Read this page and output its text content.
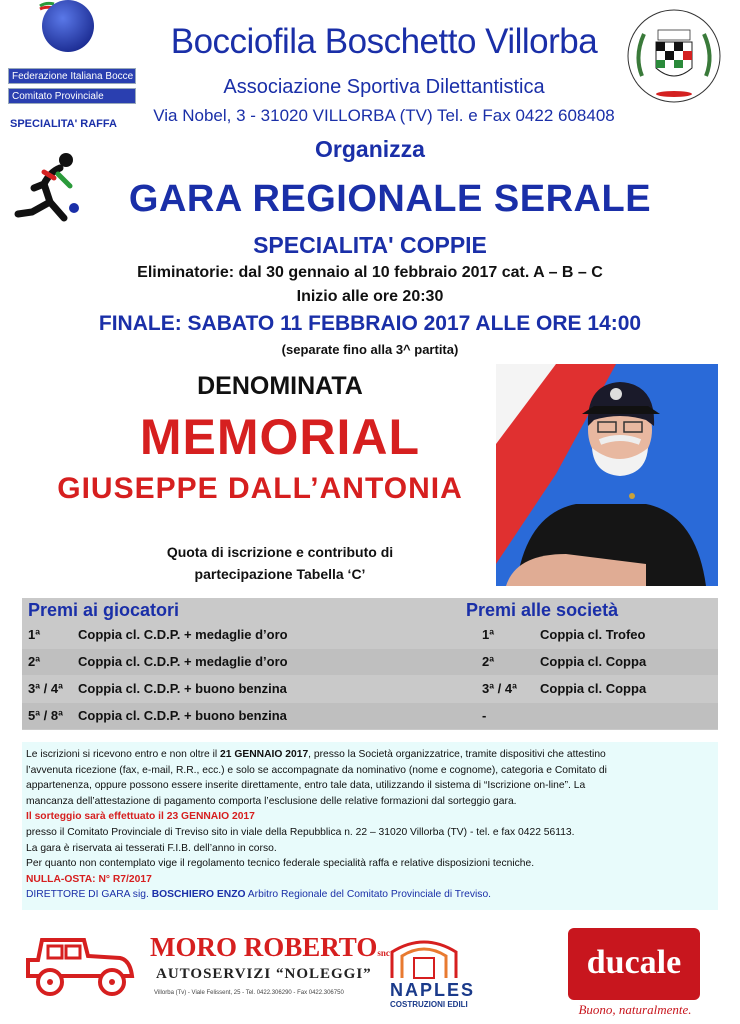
Federazione Italiana Bocce
Comitato Provinciale Treviso
SPECIALITA' RAFFA
Bocciofila Boschetto Villorba
Associazione Sportiva Dilettantistica
Via Nobel, 3 - 31020 VILLORBA (TV) Tel. e Fax 0422 608408
Organizza
GARA REGIONALE SERALE
SPECIALITA' COPPIE
Eliminatorie: dal 30 gennaio al 10 febbraio 2017 cat. A – B – C
Inizio alle ore 20:30
FINALE: SABATO 11 FEBBRAIO 2017 ALLE ORE 14:00
(separate fino alla 3^ partita)
DENOMINATA
MEMORIAL
GIUSEPPE DALL’ANTONIA
Quota di iscrizione e contributo di
partecipazione Tabella ‘C’
Premi ai giocatori	Premi alle società
1ª	Coppia cl. C.D.P. + medaglie d’oro	1ª	Coppia cl. Trofeo
2ª	Coppia cl. C.D.P. + medaglie d’oro	2ª	Coppia cl. Coppa
3ª / 4ª Coppia cl. C.D.P. + buono benzina	3ª / 4ª Coppia cl. Coppa
5ª / 8ª Coppia cl. C.D.P. + buono benzina	-

Le iscrizioni si ricevono entro e non oltre il 21 GENNAIO 2017, presso la Società organizzatrice, tramite dispositivi che attestino

l’avvenuta ricezione (fax, e-mail, R.R., ecc.) e solo se accompagnate da nominativo (nome e cognome), categoria e Comitato di

appartenenza, oppure possono essere inserite direttamente, entro tale data, utilizzando il sistema di “Iscrizione on-line”. La

mancanza dell’attestazione di pagamento comporta l’esclusione delle relative formazioni dal sorteggio gara.

Il sorteggio sarà effettuato il 23 GENNAIO 2017

presso il Comitato Provinciale di Treviso sito in viale della Repubblica n. 22 – 31020 Villorba (TV) - tel. e fax 0422 56113.

La gara è riservata ai tesserati F.I.B. dell’anno in corso.

Per quanto non contemplato vige il regolamento tecnico federale specialità raffa e relative disposizioni tecniche.

NULLA-OSTA: N° R7/2017

DIRETTORE DI GARA sig. BOSCHIERO ENZO Arbitro Regionale del Comitato Provinciale di Treviso.

MORO ROBERTOsnc
AUTOSERVIZI “NOLEGGI”
Villorba (Tv) - Viale Felissent, 25 - Tel. 0422.306290 - Fax 0422.306750	NAPLES
COSTRUZIONI EDILI
ducale
Buono, naturalmente.
